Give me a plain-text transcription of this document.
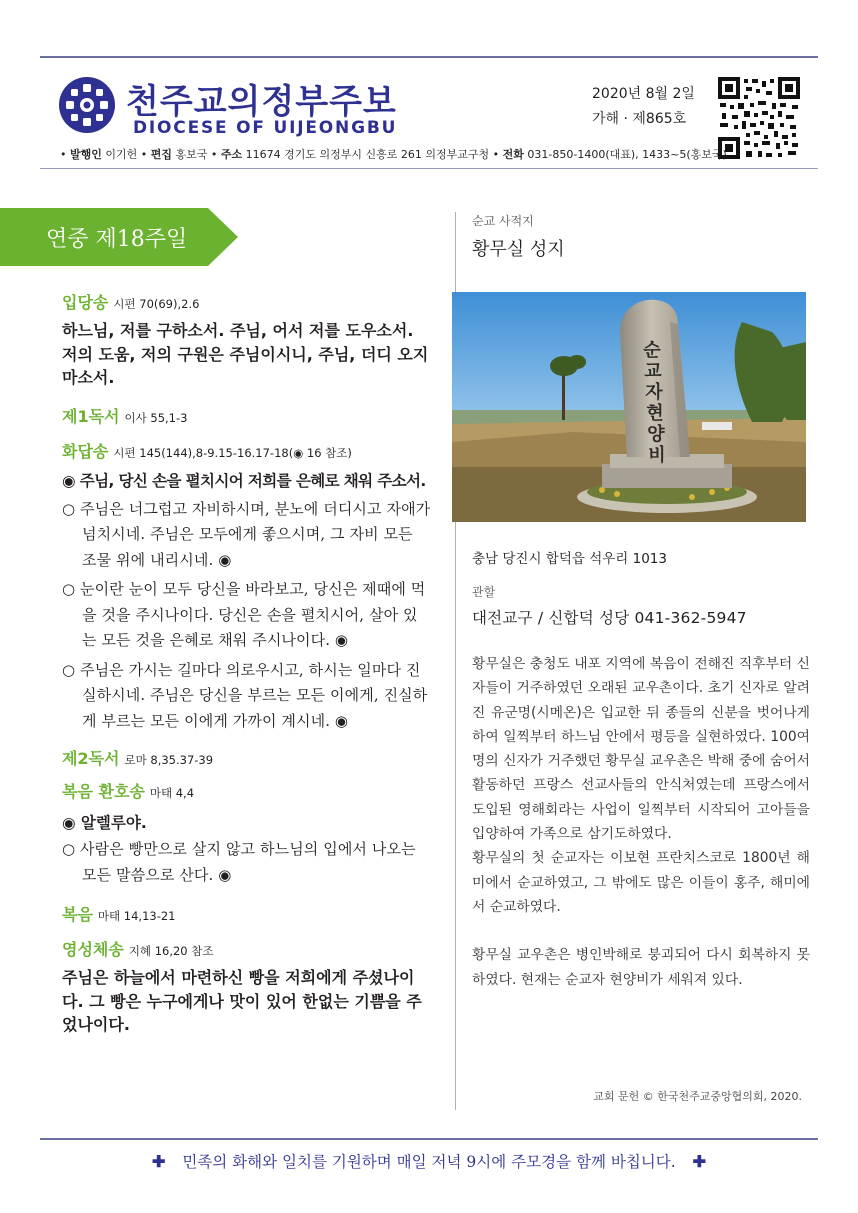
천주교의정부주보
DIOCESE OF UIJEONGBU
2020년 8월 2일
가해 · 제865호
• 발행인 이기헌 • 편집 홍보국 • 주소 11674 경기도 의정부시 신흥로 261 의정부교구청 • 전화 031-850-1400(대표), 1433~5(홍보국)
연중 제18주일
입당송 시편 70(69),2.6
하느님, 저를 구하소서. 주님, 어서 저를 도우소서.
저의 도움, 저의 구원은 주님이시니, 주님, 더디 오지
마소서.
제1독서 이사 55,1-3
화답송 시편 145(144),8-9.15-16.17-18(◉ 16 참조)
◉ 주님, 당신 손을 펼치시어 저희를 은혜로 채워 주소서.
○ 주님은 너그럽고 자비하시며, 분노에 더디시고 자애가 넘치시네. 주님은 모두에게 좋으시며, 그 자비 모든 조물 위에 내리시네. ◉
○ 눈이란 눈이 모두 당신을 바라보고, 당신은 제때에 먹을 것을 주시나이다. 당신은 손을 펼치시어, 살아 있는 모든 것을 은혜로 채워 주시나이다. ◉
○ 주님은 가시는 길마다 의로우시고, 하시는 일마다 진실하시네. 주님은 당신을 부르는 모든 이에게, 진실하게 부르는 모든 이에게 가까이 계시네. ◉
제2독서 로마 8,35.37-39
복음 환호송 마태 4,4
◉ 알렐루야.
○ 사람은 빵만으로 살지 않고 하느님의 입에서 나오는 모든 말씀으로 산다. ◉
복음 마태 14,13-21
영성체송 지혜 16,20 참조
주님은 하늘에서 마련하신 빵을 저희에게 주셨나이
다. 그 빵은 누구에게나 맛이 있어 한없는 기쁨을 주
었나이다.
순교 사적지
황무실 성지
순 교 자 현 양 비
충남 당진시 합덕읍 석우리 1013
관할
대전교구 / 신합덕 성당 041-362-5947
황무실은 충청도 내포 지역에 복음이 전해진 직후부터 신자들이 거주하였던 오래된 교우촌이다. 초기 신자로 알려진 유군명(시메온)은 입교한 뒤 종들의 신분을 벗어나게 하여 일찍부터 하느님 안에서 평등을 실현하였다. 100여 명의 신자가 거주했던 황무실 교우촌은 박해 중에 숨어서 활동하던 프랑스 선교사들의 안식처였는데 프랑스에서 도입된 영해회라는 사업이 일찍부터 시작되어 고아들을 입양하여 가족으로 삼기도하였다.
황무실의 첫 순교자는 이보현 프란치스코로 1800년 해미에서 순교하였고, 그 밖에도 많은 이들이 홍주, 해미에서 순교하였다.
황무실 교우촌은 병인박해로 붕괴되어 다시 회복하지 못하였다. 현재는 순교자 현양비가 세워져 있다.
교회 문헌 © 한국천주교중앙협의회, 2020.
✚ 민족의 화해와 일치를 기원하며 매일 저녁 9시에 주모경을 함께 바칩니다. ✚
